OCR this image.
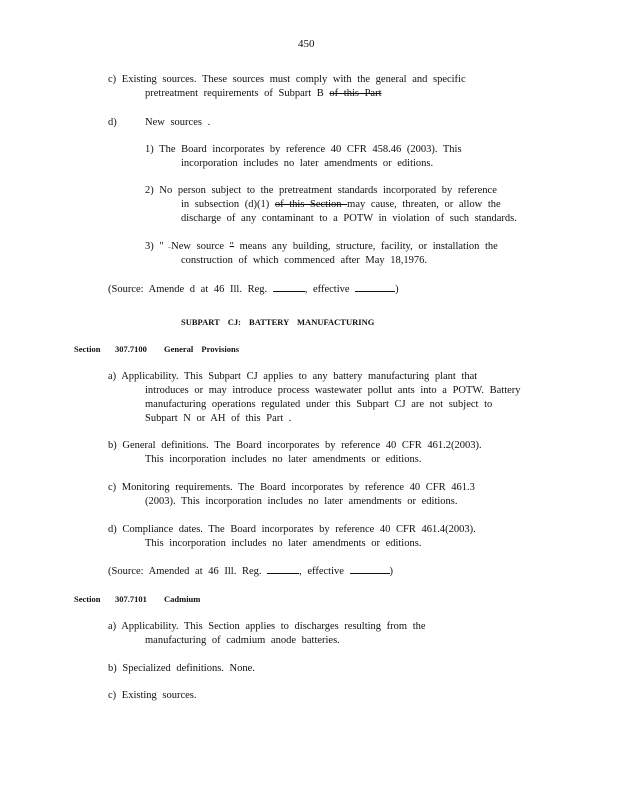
450
c) Existing sources. These sources must comply with the general and specific
pretreatment requirements of Subpart B of this Part
d)	New sources .
1) The Board incorporates by reference 40 CFR 458.46 (2003). This
incorporation includes no later amendments or editions.
2) No person subject to the pretreatment standards incorporated by reference
in subsection (d)(1) of this Section may cause, threaten, or allow the
discharge of any contaminant to a POTW in violation of such standards.
3) " _New source " means any building, structure, facility, or installation the
construction of which commenced after May 18,1976.
(Source: Amende d at 46 Ill. Reg.	, effective	)
SUBPART CJ: BATTERY MANUFACTURING
Section 307.7100 General Provisions
a) Applicability. This Subpart CJ applies to any battery manufacturing plant that
introduces or may introduce process wastewater pollut ants into a POTW. Battery
manufacturing operations regulated under this Subpart CJ are not subject to
Subpart N or AH of this Part .
b) General definitions. The Board incorporates by reference 40 CFR 461.2(2003).
This incorporation includes no later amendments or editions.
c) Monitoring requirements. The Board incorporates by reference 40 CFR 461.3
(2003). This incorporation includes no later amendments or editions.
d) Compliance dates. The Board incorporates by reference 40 CFR 461.4(2003).
This incorporation includes no later amendments or editions.
(Source: Amended at 46 Ill. Reg.	, effective	)
Section 307.7101 Cadmium
a) Applicability. This Section applies to discharges resulting from the
manufacturing of cadmium anode batteries.
b) Specialized definitions. None.
c) Existing sources.
